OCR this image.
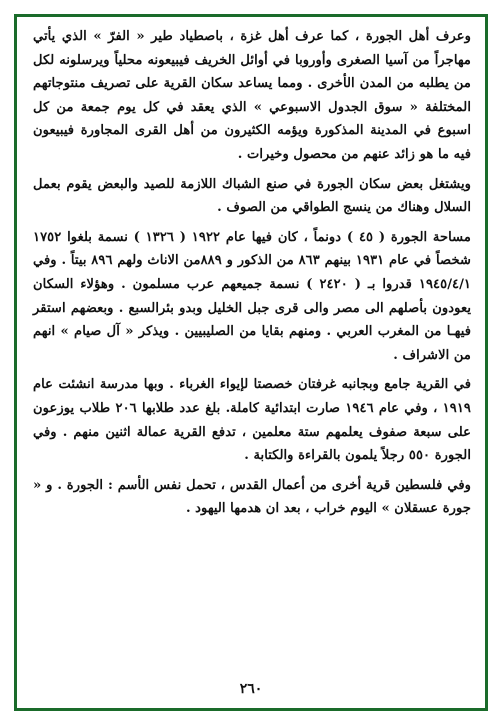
وعرف أهل الجورة ، كما عرف أهل غزة ، باصطياد طير « الفرّ » الذي يأتي مهاجراً من آسيا الصغرى وأوروبا في أوائل الخريف فيبيعونه محلياً ويرسلونه لكل من يطلبه من المدن الأخرى . ومما يساعد سكان القرية على تصريف منتوجاتهم المختلفة « سوق الجدول الاسبوعي » الذي يعقد في كل يوم جمعة من كل اسبوع في المدينة المذكورة ويؤمه الكثيرون من أهل القرى المجاورة فيبيعون فيه ما هو زائد عنهم من محصول وخيرات .

ويشتغل بعض سكان الجورة في صنع الشباك اللازمة للصيد والبعض يقوم بعمل السلال وهناك من ينسج الطواقي من الصوف .

مساحة الجورة ( ٤٥ ) دونماً ، كان فيها عام ١٩٢٢ ( ١٣٢٦ ) نسمة بلغوا ١٧٥٢ شخصاً في عام ١٩٣١ بينهم ٨٦٣ من الذكور و ٨٨٩من الاناث ولهم ٨٩٦ بيتاً . وفي ١٩٤٥/٤/١ قدروا بـ ( ٢٤٢٠ ) نسمة جميعهم عرب مسلمون . وهؤلاء السكان يعودون بأصلهم الى مصر والى قرى جبل الخليل وبدو بئرالسبع . وبعضهم استقر فيهـا من المغرب العربي . ومنهم بقايا من الصليبيين . ويذكر « آل صيام » انهم من الاشراف .

في القرية جامع وبجانبه غرفتان خصصتا لإيواء الغرباء . وبها مدرسة انشئت عام ١٩١٩ ، وفي عام ١٩٤٦ صارت ابتدائية كاملة. بلغ عدد طلابها ٢٠٦ طلاب يوزعون على سبعة صفوف يعلمهم ستة معلمين ، تدفع القرية عمالة اثنين منهم . وفي الجورة ٥٥٠ رجلاً يلمون بالقراءة والكتابة .

وفي فلسطين قرية أخرى من أعمال القدس ، تحمل نفس الأسم : الجورة . و « جورة عسقلان » اليوم خراب ، بعد ان هدمها اليهود .

٢٦٠
